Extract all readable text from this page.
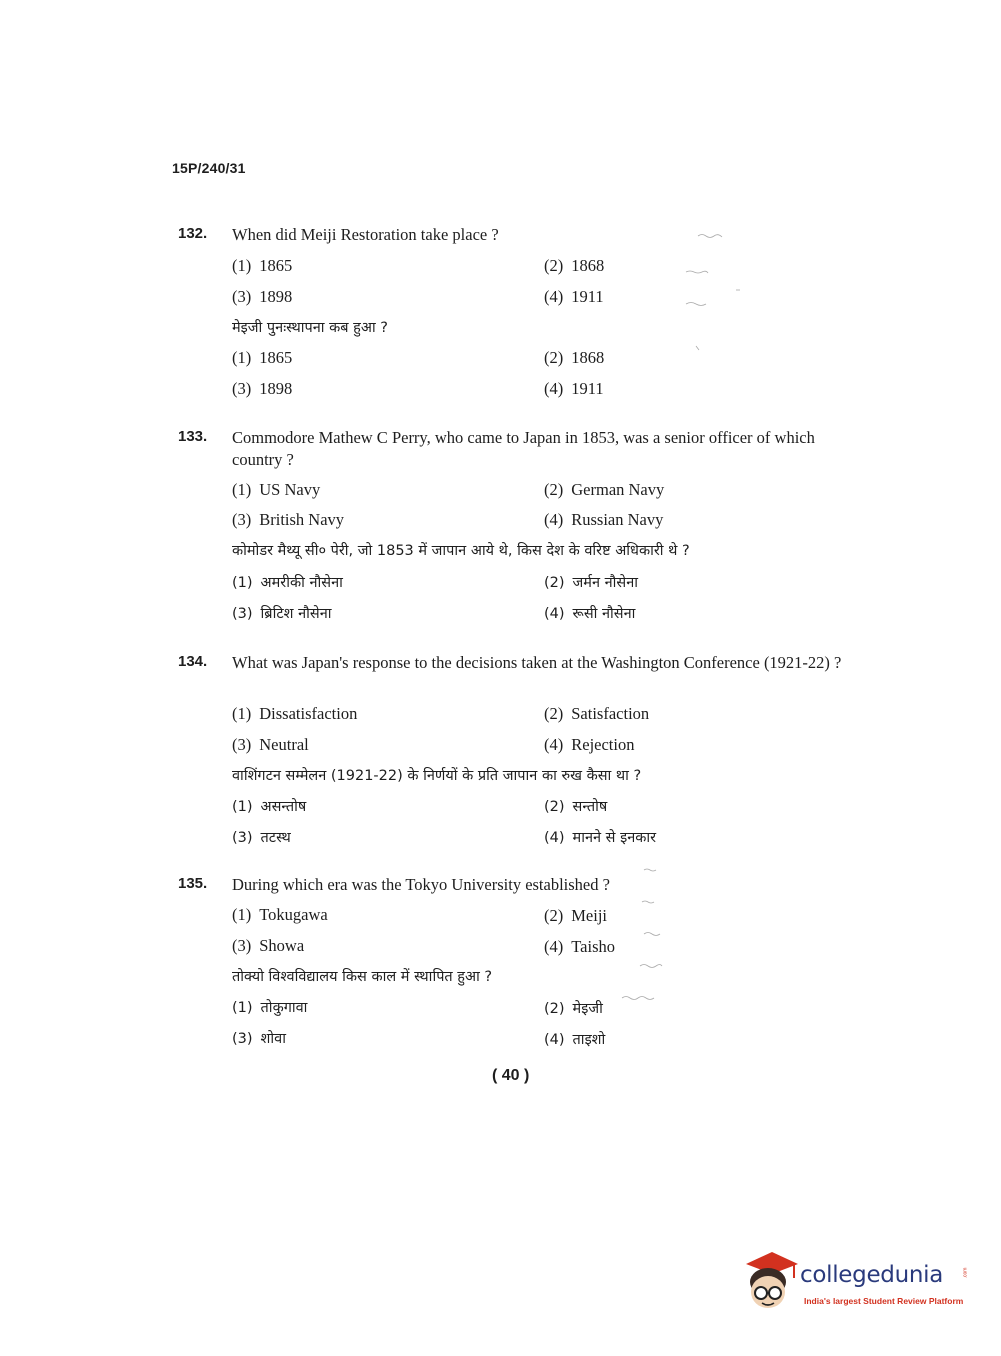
15P/240/31
132. When did Meiji Restoration take place ?
(1) 1865	(2) 1868
(3) 1898	(4) 1911
मेइजी पुनःस्थापना कब हुआ ?
(1) 1865	(2) 1868
(3) 1898	(4) 1911
133. Commodore Mathew C Perry, who came to Japan in 1853, was a senior officer of which country ?
(1) US Navy	(2) German Navy
(3) British Navy	(4) Russian Navy
कोमोडर मैथ्यू सी० पेरी, जो 1853 में जापान आये थे, किस देश के वरिष्ट अधिकारी थे ?
(1) अमरीकी नौसेना	(2) जर्मन नौसेना
(3) ब्रिटिश नौसेना	(4) रूसी नौसेना
134. What was Japan's response to the decisions taken at the Washington Conference (1921-22) ?
(1) Dissatisfaction	(2) Satisfaction
(3) Neutral	(4) Rejection
वाशिंगटन सम्मेलन (1921-22) के निर्णयों के प्रति जापान का रुख कैसा था ?
(1) असन्तोष	(2) सन्तोष
(3) तटस्थ	(4) मानने से इनकार
135. During which era was the Tokyo University established ?
(1) Tokugawa	(2) Meiji
(3) Showa	(4) Taisho
तोक्यो विश्वविद्यालय किस काल में स्थापित हुआ ?
(1) तोकुगावा	(2) मेइजी
(3) शोवा	(4) ताइशो
( 40 )
collegedunia	.com
India's largest Student Review Platform
